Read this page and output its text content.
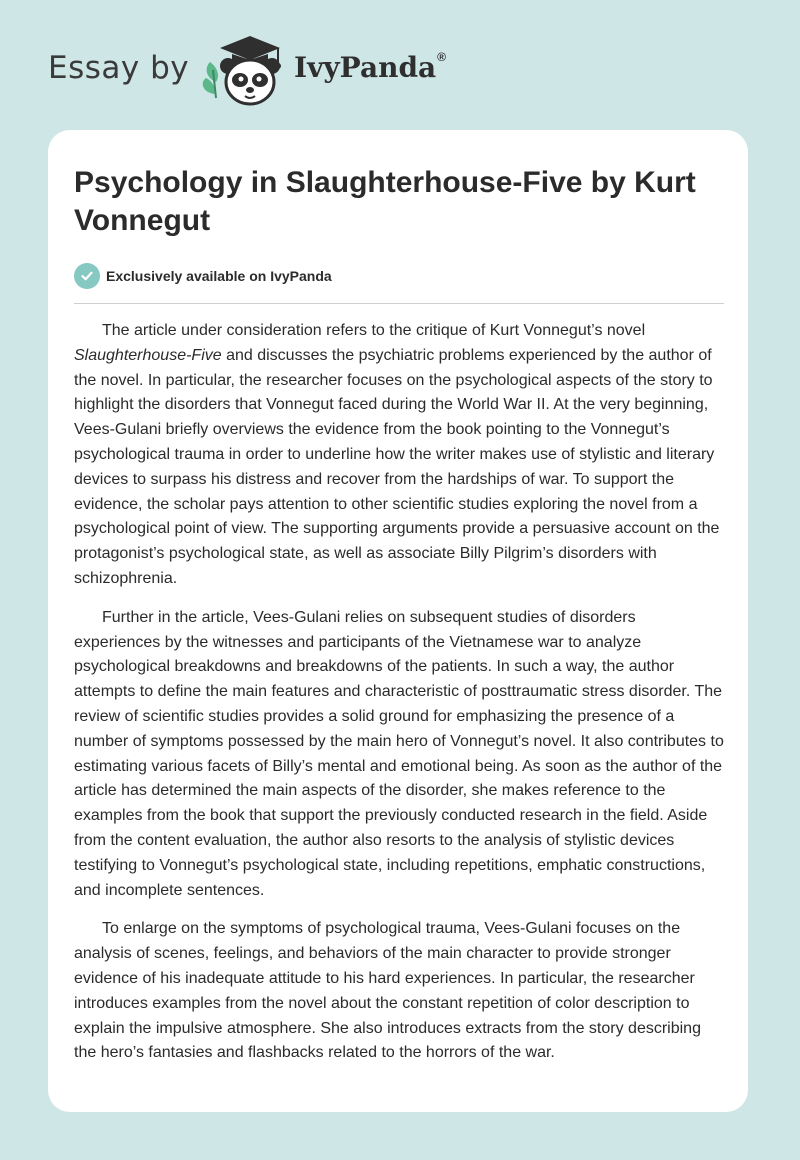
Essay by	IvyPanda®
Psychology in Slaughterhouse-Five by Kurt Vonnegut
Exclusively available on IvyPanda

The article under consideration refers to the critique of Kurt Vonnegut’s novel Slaughterhouse-Five and discusses the psychiatric problems experienced by the author of the novel. In particular, the researcher focuses on the psychological aspects of the story to highlight the disorders that Vonnegut faced during the World War II. At the very beginning, Vees-Gulani briefly overviews the evidence from the book pointing to the Vonnegut’s psychological trauma in order to underline how the writer makes use of stylistic and literary devices to surpass his distress and recover from the hardships of war. To support the evidence, the scholar pays attention to other scientific studies exploring the novel from a psychological point of view. The supporting arguments provide a persuasive account on the protagonist’s psychological state, as well as associate Billy Pilgrim’s disorders with schizophrenia.

Further in the article, Vees-Gulani relies on subsequent studies of disorders experiences by the witnesses and participants of the Vietnamese war to analyze psychological breakdowns and breakdowns of the patients. In such a way, the author attempts to define the main features and characteristic of posttraumatic stress disorder. The review of scientific studies provides a solid ground for emphasizing the presence of a number of symptoms possessed by the main hero of Vonnegut’s novel. It also contributes to estimating various facets of Billy’s mental and emotional being. As soon as the author of the article has determined the main aspects of the disorder, she makes reference to the examples from the book that support the previously conducted research in the field. Aside from the content evaluation, the author also resorts to the analysis of stylistic devices testifying to Vonnegut’s psychological state, including repetitions, emphatic constructions, and incomplete sentences.

To enlarge on the symptoms of psychological trauma, Vees-Gulani focuses on the analysis of scenes, feelings, and behaviors of the main character to provide stronger evidence of his inadequate attitude to his hard experiences. In particular, the researcher introduces examples from the novel about the constant repetition of color description to explain the impulsive atmosphere. She also introduces extracts from the story describing the hero’s fantasies and flashbacks related to the horrors of the war.
